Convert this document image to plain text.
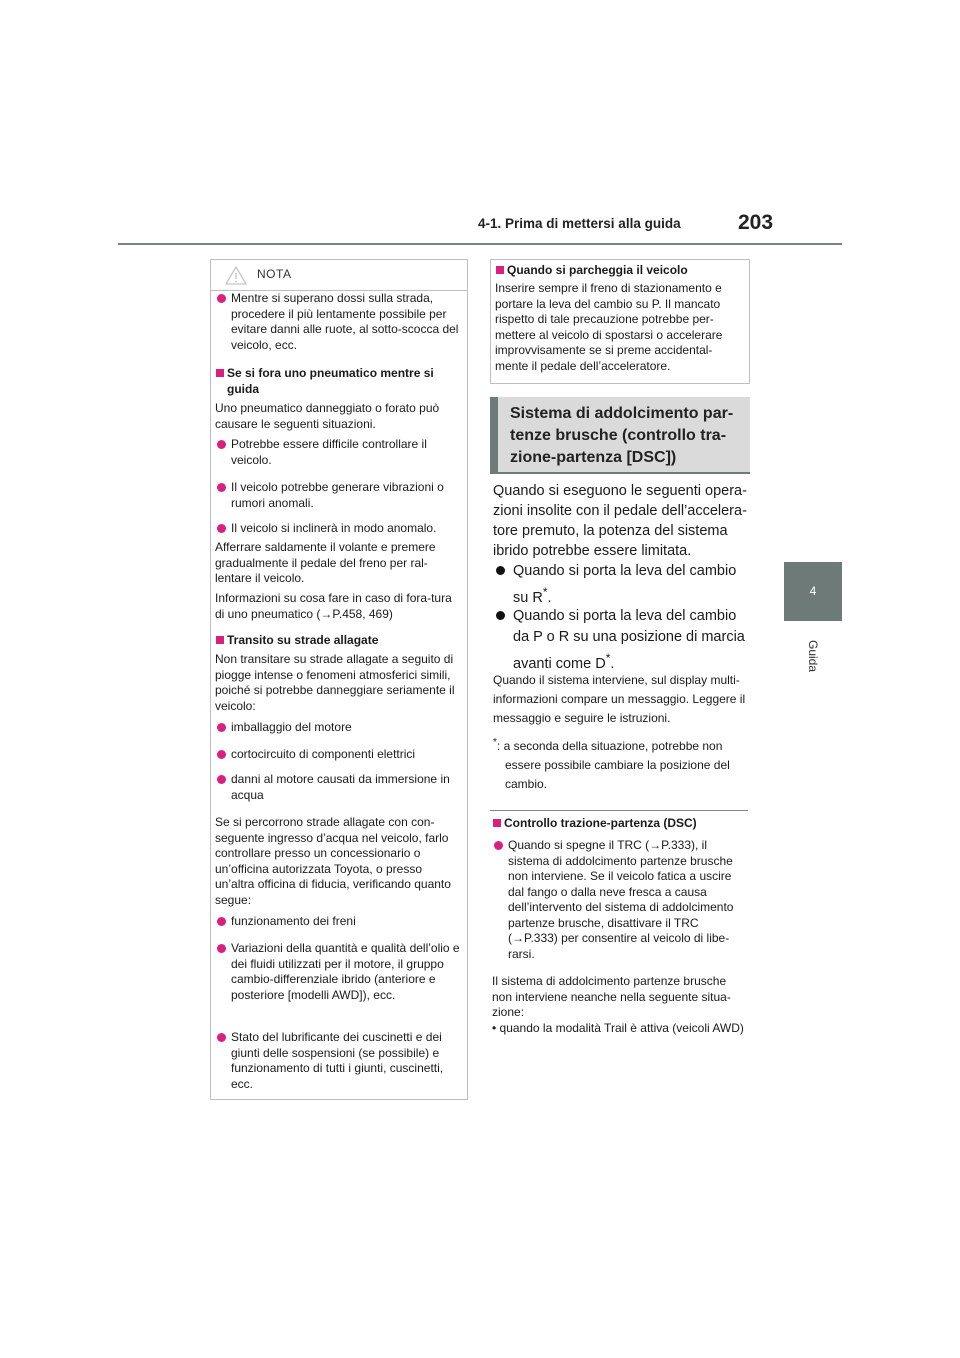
4-1. Prima di mettersi alla guida	203
4
Guida
NOTA

Mentre si superano dossi sulla strada, procedere il più lentamente possibile per evitare danni alle ruote, al sotto-scocca del veicolo, ecc.

Se si fora uno pneumatico mentre si guida

Uno pneumatico danneggiato o forato può causare le seguenti situazioni.

Potrebbe essere difficile controllare il veicolo.

Il veicolo potrebbe generare vibrazioni o rumori anomali.

Il veicolo si inclinerà in modo anomalo.

Afferrare saldamente il volante e premere gradualmente il pedale del freno per ral-lentare il veicolo.

Informazioni su cosa fare in caso di fora-tura di uno pneumatico (→P.458, 469)

Transito su strade allagate

Non transitare su strade allagate a seguito di piogge intense o fenomeni atmosferici simili, poiché si potrebbe danneggiare seriamente il veicolo:

imballaggio del motore

cortocircuito di componenti elettrici

danni al motore causati da immersione in acqua

Se si percorrono strade allagate con con-seguente ingresso d’acqua nel veicolo, farlo controllare presso un concessionario o un’officina autorizzata Toyota, o presso un’altra officina di fiducia, verificando quanto segue:

funzionamento dei freni

Variazioni della quantità e qualità dell’olio e dei fluidi utilizzati per il motore, il gruppo cambio-differenziale ibrido (anteriore e posteriore [modelli AWD]), ecc.

Stato del lubrificante dei cuscinetti e dei giunti delle sospensioni (se possibile) e funzionamento di tutti i giunti, cuscinetti, ecc.

Quando si parcheggia il veicolo

Inserire sempre il freno di stazionamento e portare la leva del cambio su P. Il mancato rispetto di tale precauzione potrebbe per-mettere al veicolo di spostarsi o accelerare improvvisamente se si preme accidental-mente il pedale dell’acceleratore.

Sistema di addolcimento par-tenze brusche (controllo tra-zione-partenza [DSC])

Quando si eseguono le seguenti opera-zioni insolite con il pedale dell’accelera-tore premuto, la potenza del sistema ibrido potrebbe essere limitata.

Quando si porta la leva del cambio su R*.

Quando si porta la leva del cambio da P o R su una posizione di marcia avanti come D*.

Quando il sistema interviene, sul display multi-informazioni compare un messaggio. Leggere il messaggio e seguire le istruzioni.

*: a seconda della situazione, potrebbe non essere possibile cambiare la posizione del cambio.

Controllo trazione-partenza (DSC)

Quando si spegne il TRC (→P.333), il sistema di addolcimento partenze brusche non interviene. Se il veicolo fatica a uscire dal fango o dalla neve fresca a causa dell’intervento del sistema di addolcimento partenze brusche, disattivare il TRC (→P.333) per consentire al veicolo di libe-rarsi.

Il sistema di addolcimento partenze brusche non interviene neanche nella seguente situa-zione:

• quando la modalità Trail è attiva (veicoli AWD)
